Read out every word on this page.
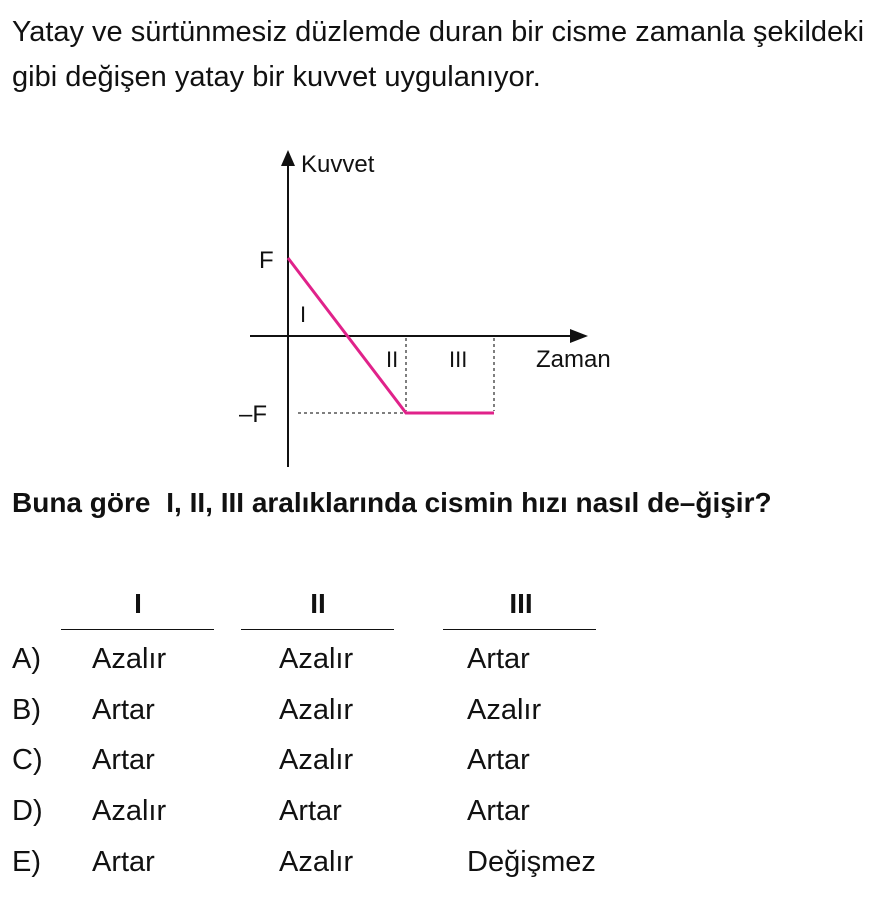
Yatay ve sürtünmesiz düzlemde duran bir cisme zamanla şekildeki gibi değişen yatay bir kuvvet uygulanıyor.

Kuvvet
Zaman
F
–F
I
II III

Buna göre I, II, III aralıklarında cismin hızı nasıl de–ğişir?

I	II	III
A) Azalır	Azalır	Artar
B) Artar	Azalır	Azalır
C) Artar	Azalır	Artar
D) Azalır	Artar	Artar
E) Artar	Azalır	Değişmez
